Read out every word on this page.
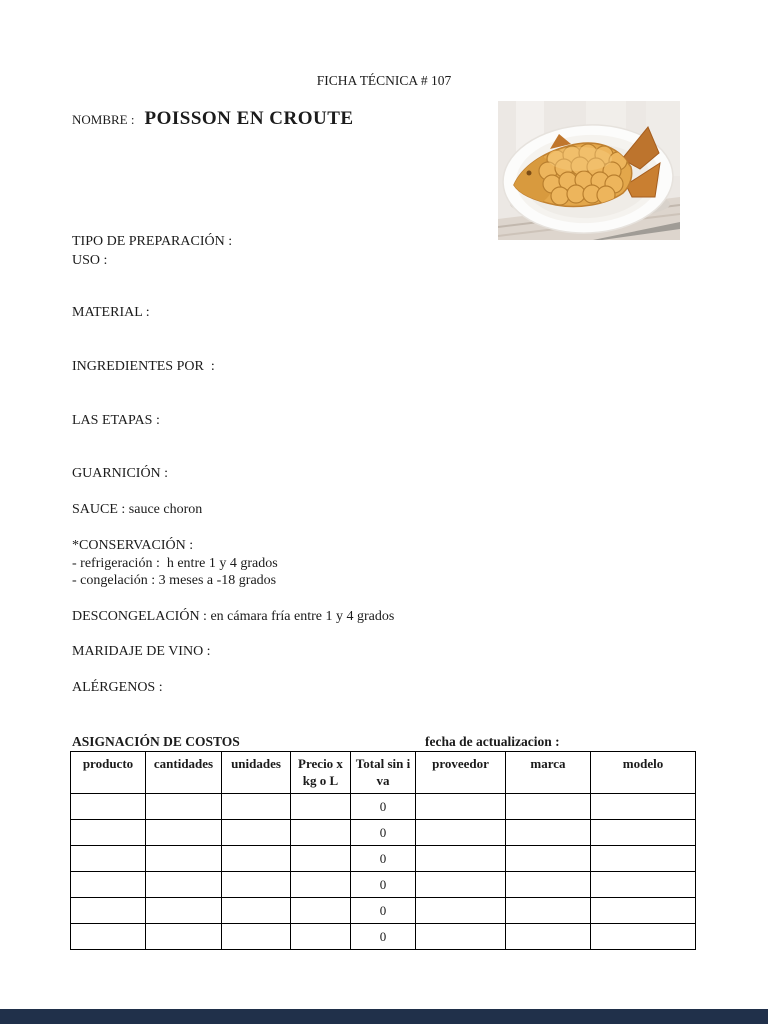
FICHA TÉCNICA # 107
NOMBRE : POISSON EN CROUTE
TIPO DE PREPARACIÓN :
USO :
MATERIAL :
INGREDIENTES POR  :
LAS ETAPAS :
GUARNICIÓN :
SAUCE : sauce choron
*CONSERVACIÓN :
- refrigeración :  h entre 1 y 4 grados
- congelación : 3 meses a -18 grados
DESCONGELACIÓN : en cámara fría entre 1 y 4 grados
MARIDAJE DE VINO :
ALÉRGENOS :
ASIGNACIÓN DE COSTOS	fecha de actualizacion :
producto	cantidades	unidades	Precio x kg o L	Total sin iva	proveedor	marca	modelo
				0			
				0			
				0			
				0			
				0			
				0			
